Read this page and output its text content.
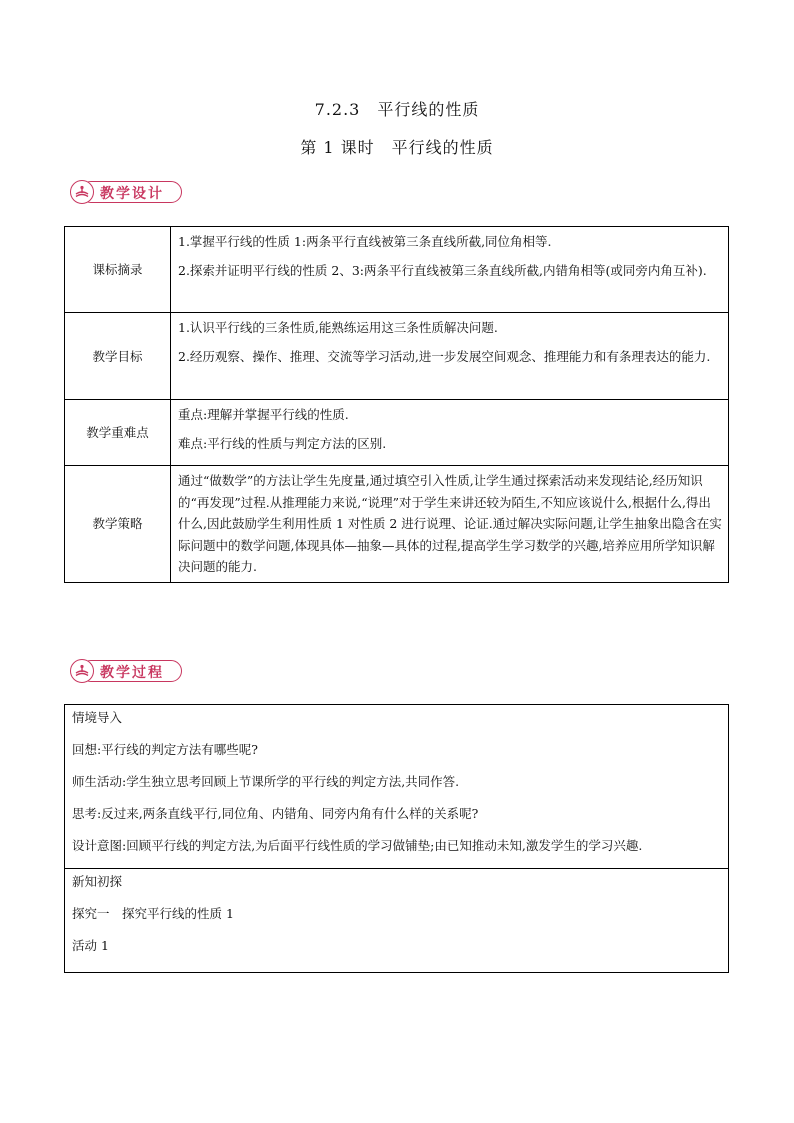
7.2.3　平行线的性质
第 1 课时　平行线的性质
教学设计
课标摘录	1.掌握平行线的性质 1:两条平行直线被第三条直线所截,同位角相等.

2.探索并证明平行线的性质 2、3:两条平行直线被第三条直线所截,内错角相等(或同旁内角互补).

教学目标	1.认识平行线的三条性质,能熟练运用这三条性质解决问题.

2.经历观察、操作、推理、交流等学习活动,进一步发展空间观念、推理能力和有条理表达的能力.

教学重难点	重点:理解并掌握平行线的性质.

难点:平行线的性质与判定方法的区别.

教学策略	通过“做数学”的方法让学生先度量,通过填空引入性质,让学生通过探索活动来发现结论,经历知识的“再发现”过程.从推理能力来说,“说理”对于学生来讲还较为陌生,不知应该说什么,根据什么,得出什么,因此鼓励学生利用性质 1 对性质 2 进行说理、论证.通过解决实际问题,让学生抽象出隐含在实际问题中的数学问题,体现具体—抽象—具体的过程,提高学生学习数学的兴趣,培养应用所学知识解决问题的能力.

教学过程

情境导入

回想:平行线的判定方法有哪些呢?

师生活动:学生独立思考回顾上节课所学的平行线的判定方法,共同作答.

思考:反过来,两条直线平行,同位角、内错角、同旁内角有什么样的关系呢?

设计意图:回顾平行线的判定方法,为后面平行线性质的学习做铺垫;由已知推动未知,激发学生的学习兴趣.

新知初探

探究一　探究平行线的性质 1

活动 1
